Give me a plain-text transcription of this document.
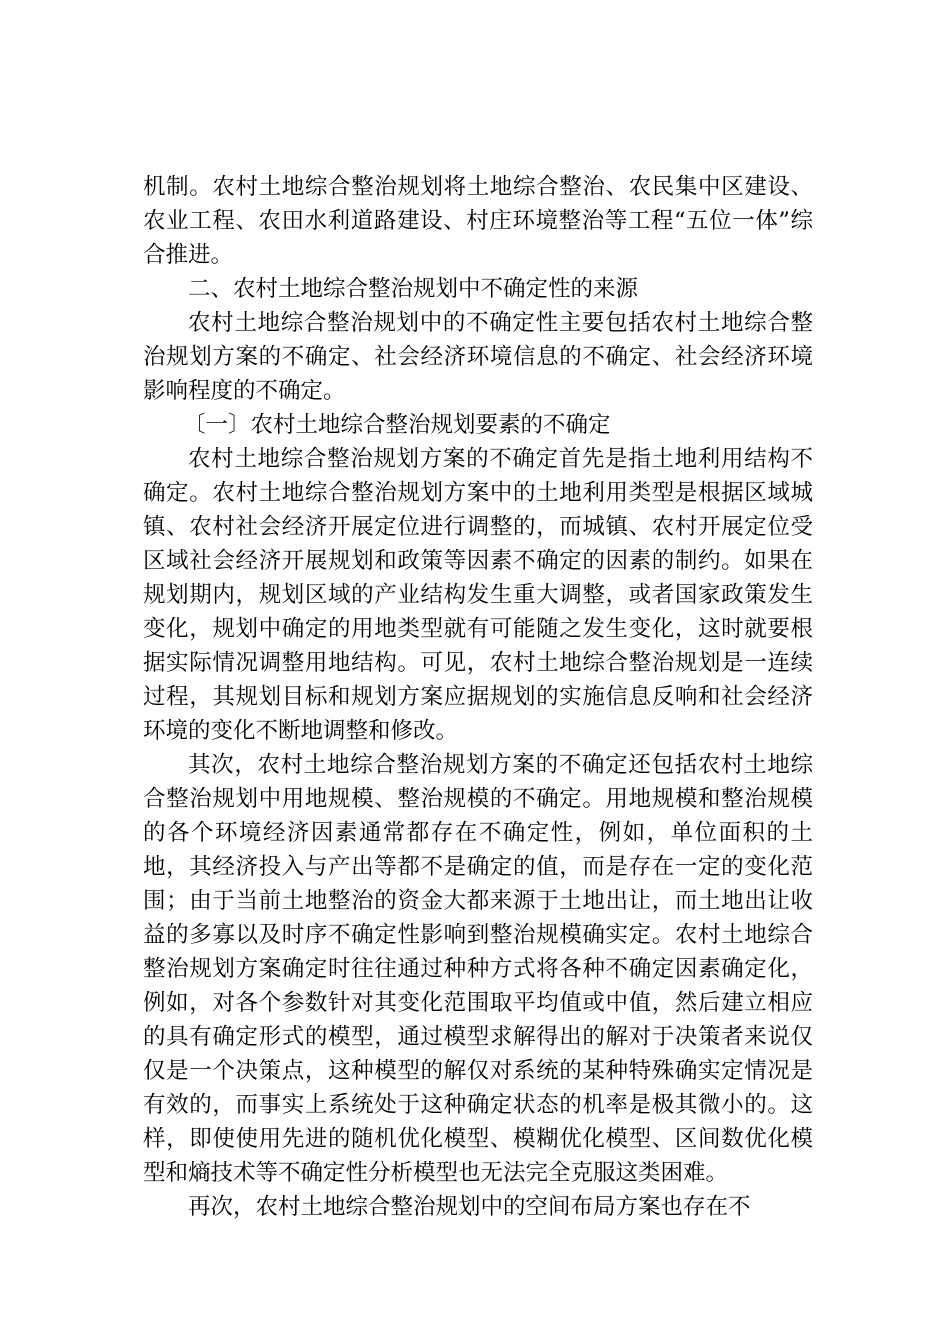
机制。农村土地综合整治规划将土地综合整治、农民集中区建设、农业工程、农田水利道路建设、村庄环境整治等工程“五位一体”综合推进。

二、农村土地综合整治规划中不确定性的来源

农村土地综合整治规划中的不确定性主要包括农村土地综合整治规划方案的不确定、社会经济环境信息的不确定、社会经济环境影响程度的不确定。

〔一〕农村土地综合整治规划要素的不确定

农村土地综合整治规划方案的不确定首先是指土地利用结构不确定。农村土地综合整治规划方案中的土地利用类型是根据区域城镇、农村社会经济开展定位进行调整的，而城镇、农村开展定位受区域社会经济开展规划和政策等因素不确定的因素的制约。如果在规划期内，规划区域的产业结构发生重大调整，或者国家政策发生变化，规划中确定的用地类型就有可能随之发生变化，这时就要根据实际情况调整用地结构。可见，农村土地综合整治规划是一连续过程，其规划目标和规划方案应据规划的实施信息反响和社会经济环境的变化不断地调整和修改。

其次，农村土地综合整治规划方案的不确定还包括农村土地综合整治规划中用地规模、整治规模的不确定。用地规模和整治规模的各个环境经济因素通常都存在不确定性，例如，单位面积的土地，其经济投入与产出等都不是确定的值，而是存在一定的变化范围；由于当前土地整治的资金大都来源于土地出让，而土地出让收益的多寡以及时序不确定性影响到整治规模确实定。农村土地综合整治规划方案确定时往往通过种种方式将各种不确定因素确定化，例如，对各个参数针对其变化范围取平均值或中值，然后建立相应的具有确定形式的模型，通过模型求解得出的解对于决策者来说仅仅是一个决策点，这种模型的解仅对系统的某种特殊确实定情况是有效的，而事实上系统处于这种确定状态的机率是极其微小的。这样，即使使用先进的随机优化模型、模糊优化模型、区间数优化模型和熵技术等不确定性分析模型也无法完全克服这类困难。

再次，农村土地综合整治规划中的空间布局方案也存在不
